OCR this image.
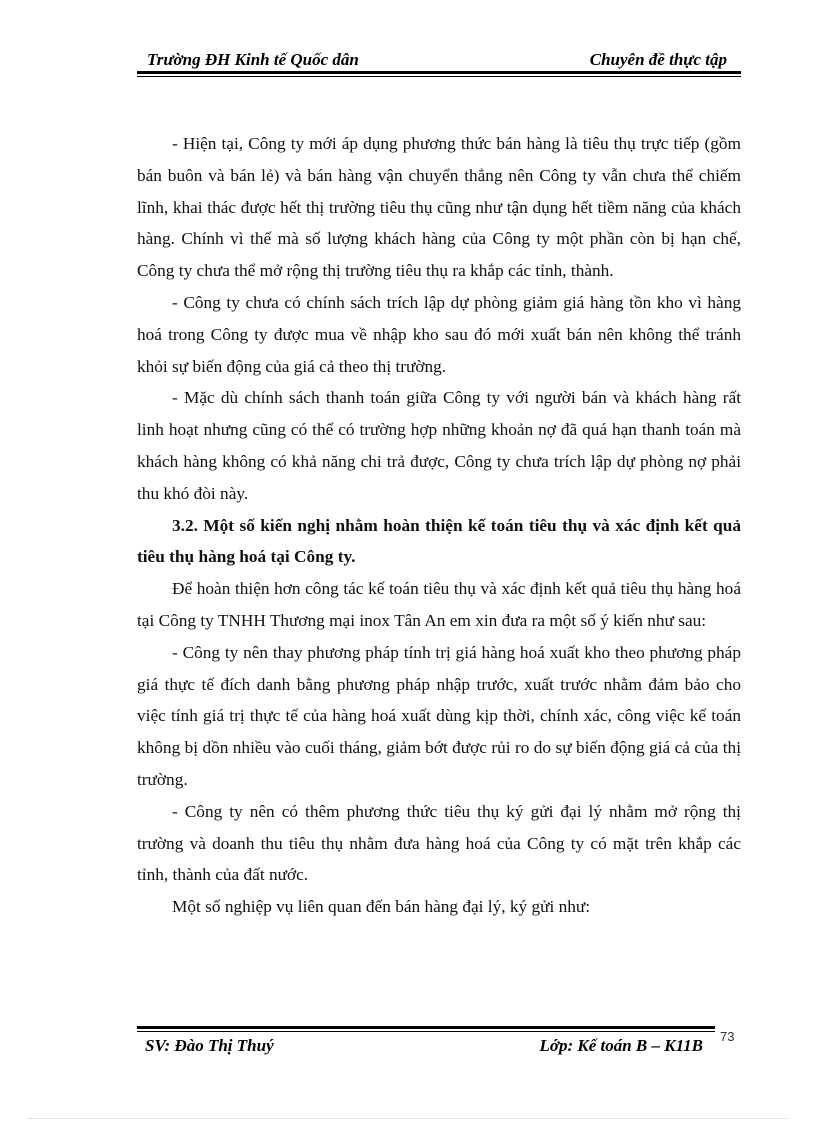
Trường ĐH Kinh tế Quốc dân	Chuyên đề thực tập

- Hiện tại, Công ty mới áp dụng phương thức bán hàng là tiêu thụ trực tiếp (gồm bán buôn và bán lẻ) và bán hàng vận chuyển thẳng nên Công ty vẫn chưa thể chiếm lĩnh, khai thác được hết thị trường tiêu thụ cũng như tận dụng hết tiềm năng của khách hàng. Chính vì thế mà số lượng khách hàng của Công ty một phần còn bị hạn chế, Công ty chưa thể mở rộng thị trường tiêu thụ ra khắp các tỉnh, thành.

- Công ty chưa có chính sách trích lập dự phòng giảm giá hàng tồn kho vì hàng hoá trong Công ty được mua về nhập kho sau đó mới xuất bán nên không thể tránh khỏi sự biến động của giá cả theo thị trường.

- Mặc dù chính sách thanh toán giữa Công ty với người bán và khách hàng rất linh hoạt nhưng cũng có thể có trường hợp những khoản nợ đã quá hạn thanh toán mà khách hàng không có khả năng chi trả được, Công ty chưa trích lập dự phòng nợ phải thu khó đòi này.

3.2. Một số kiến nghị nhằm hoàn thiện kế toán tiêu thụ và xác định kết quả tiêu thụ hàng hoá tại Công ty.

Để hoàn thiện hơn công tác kế toán tiêu thụ và xác định kết quả tiêu thụ hàng hoá tại Công ty TNHH Thương mại inox Tân An em xin đưa ra một số ý kiến như sau:

- Công ty nên thay phương pháp tính trị giá hàng hoá xuất kho theo phương pháp giá thực tế đích danh bằng phương pháp nhập trước, xuất trước nhằm đảm bảo cho việc tính giá trị thực tế của hàng hoá xuất dùng kịp thời, chính xác, công việc kế toán không bị dồn nhiều vào cuối tháng, giảm bớt được rủi ro do sự biến động giá cả của thị trường.

- Công ty nên có thêm phương thức tiêu thụ ký gửi đại lý nhằm mở rộng thị trường và doanh thu tiêu thụ nhằm đưa hàng hoá của Công ty có mặt trên khắp các tỉnh, thành của đất nước.

Một số nghiệp vụ liên quan đến bán hàng đại lý, ký gửi như:

73
SV: Đào Thị Thuý	Lớp: Kế toán B – K11B
